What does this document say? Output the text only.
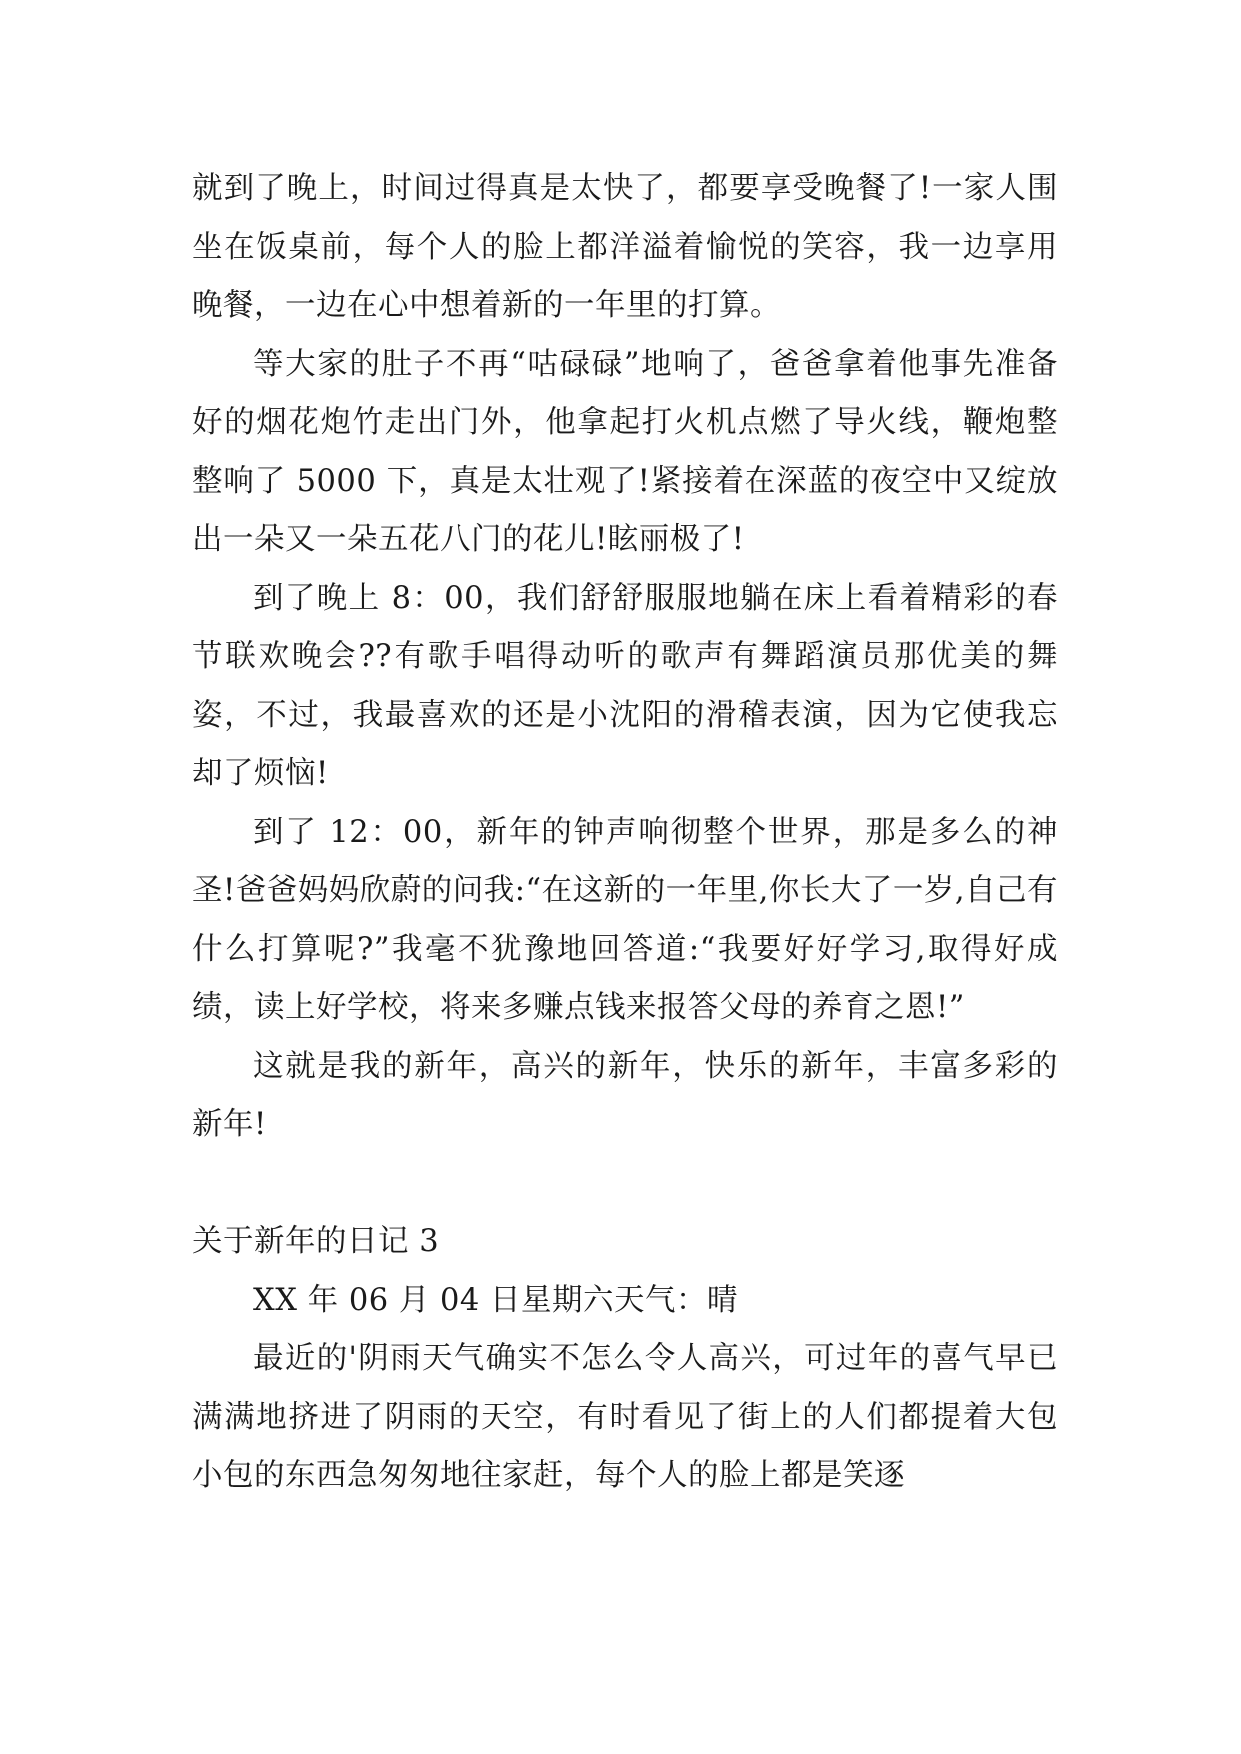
就到了晚上，时间过得真是太快了，都要享受晚餐了!一家人围坐在饭桌前，每个人的脸上都洋溢着愉悦的笑容，我一边享用晚餐，一边在心中想着新的一年里的打算。

等大家的肚子不再“咕碌碌”地响了，爸爸拿着他事先准备好的烟花炮竹走出门外，他拿起打火机点燃了导火线，鞭炮整整响了 5000 下，真是太壮观了!紧接着在深蓝的夜空中又绽放出一朵又一朵五花八门的花儿!眩丽极了!

到了晚上 8：00，我们舒舒服服地躺在床上看着精彩的春节联欢晚会??有歌手唱得动听的歌声有舞蹈演员那优美的舞姿，不过，我最喜欢的还是小沈阳的滑稽表演，因为它使我忘却了烦恼!

到了 12：00，新年的钟声响彻整个世界，那是多么的神圣!爸爸妈妈欣蔚的问我:“在这新的一年里,你长大了一岁,自己有什么打算呢?”我毫不犹豫地回答道:“我要好好学习,取得好成绩，读上好学校，将来多赚点钱来报答父母的养育之恩!”

这就是我的新年，高兴的新年，快乐的新年，丰富多彩的新年!

关于新年的日记 3

XX 年 06 月 04 日星期六天气：晴

最近的'阴雨天气确实不怎么令人高兴，可过年的喜气早已满满地挤进了阴雨的天空，有时看见了街上的人们都提着大包小包的东西急匆匆地往家赶，每个人的脸上都是笑逐
